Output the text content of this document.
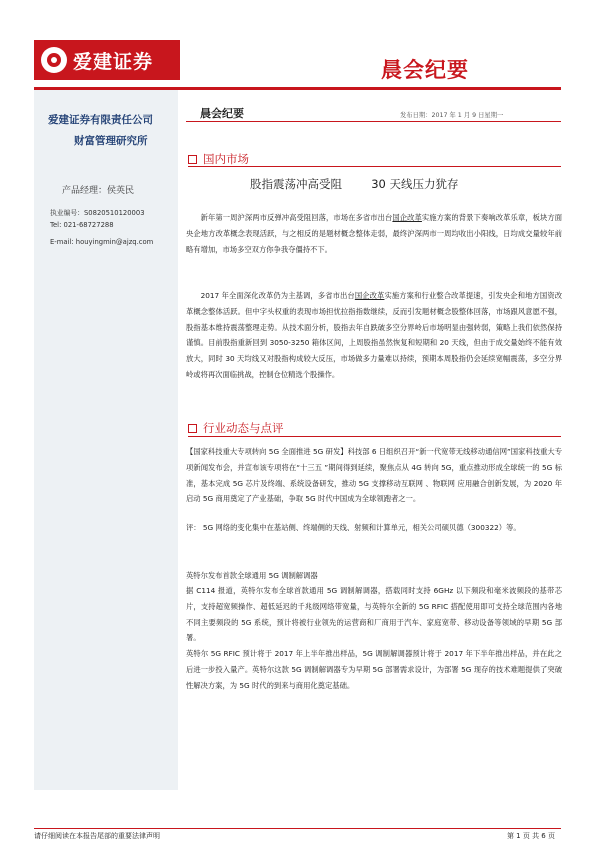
爱建证券	晨会纪要
爱建证券有限责任公司
财富管理研究所
产品经理：侯英民
执业编号：S0820510120003
Tel: 021-68727288
E-mail: houyingmin@ajzq.com
晨会纪要	发布日期：2017 年 1 月 9 日星期一
国内市场
股指震荡冲高受阻        30 天线压力犹存
新年第一周沪深两市反弹冲高受阻回落，市场在多省市出台国企改革实施方案的背景下奏响改革乐章，板块方面央企地方改革概念表现活跃，与之相反的是题材概念整体走弱，最终沪深两市一周均收出小阳线，日均成交量较年前略有增加，市场多空双方你争我夺僵持不下。
2017 年全面深化改革仍为主基调，多省市出台国企改革实施方案和行业整合改革提速，引发央企和地方国资改革概念整体活跃。但中字头权重的表现市场担忧拉指指数继续，反而引发题材概念股整体回落，市场跟风意愿不强，股指基本维持震荡整理走势。从技术面分析，股指去年自跌破多空分界岭后市场明显由强转弱，策略上我们依然保持谨慎。目前股指重新回到 3050-3250 箱体区间，上周股指虽然恢复和短期和 20 天线，但由于成交量始终不能有效放大，同时 30 天均线又对股指构成较大反压，市场做多力量难以持续，预期本周股指仍会延续宽幅震荡，多空分界岭或将再次面临挑战，控制仓位精选个股操作。
行业动态与点评
【国家科技重大专项转向 5G 全面推进 5G 研发】科技部 6 日组织召开“新一代宽带无线移动通信网”国家科技重大专项新闻发布会，并宣布该专项将在“十三五 ”期间得到延续，聚焦点从 4G 转向 5G，重点推动形成全球统一的 5G 标准，基本完成 5G 芯片及终端、系统设备研发，推动 5G 支撑移动互联网 、物联网 应用融合创新发展，为 2020 年启动 5G 商用奠定了产业基础，争取 5G 时代中国成为全球领跑者之一。
评： 5G 网络的变化集中在基站侧、终端侧的天线、射频和计算单元，相关公司硕贝德（300322）等。
英特尔发布首款全球通用 5G 调制解调器
据 C114 报道，英特尔发布全球首款通用 5G 调制解调器，搭载同时支持 6GHz 以下频段和毫米波频段的基带芯片，支持超宽频操作、超低延迟的千兆级网络带宽量，与英特尔全新的 5G RFIC 搭配使用即可支持全球范围内各地不同主要频段的 5G 系统，预计将被行业领先的运营商和厂商用于汽车、家庭宽带、移动设备等领域的早期 5G 部署。
英特尔 5G RFIC 预计将于 2017 年上半年推出样品，5G 调制解调器预计将于 2017 年下半年推出样品，并在此之后进一步投入量产。英特尔这款 5G 调制解调器专为早期 5G 部署需求设计，为部署 5G 现存的技术难题提供了突破性解决方案，为 5G 时代的到来与商用化奠定基础。
请仔细阅读在本报告尾部的重要法律声明	第 1 页 共 6 页
